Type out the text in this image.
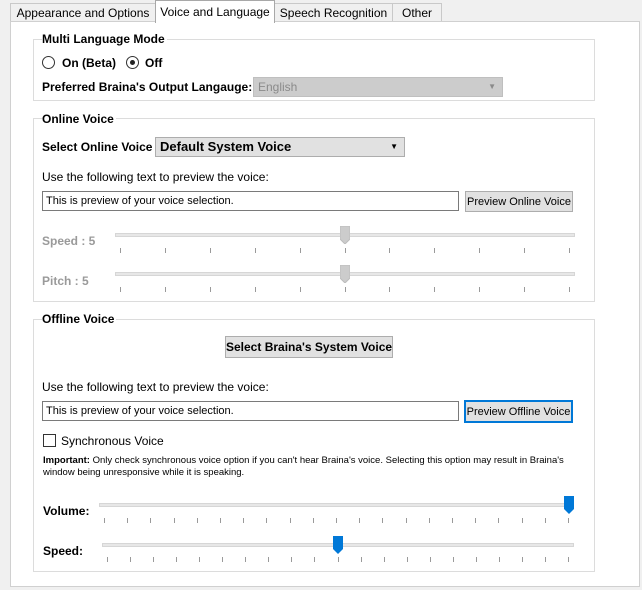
Appearance and Options Voice and Language Speech Recognition	Other
Multi Language Mode
On (Beta) Off
Preferred Braina's Output Langauge: English	▼
Online Voice
Select Online Voice Default System Voice	▼
Use the following text to preview the voice:
This is preview of your voice selection.	Preview Online Voice
Speed : 5
Pitch : 5
Offline Voice
Select Braina's System Voice
Use the following text to preview the voice:
This is preview of your voice selection.	Preview Offline Voice
Synchronous Voice
Important: Only check synchronous voice option if you can't hear Braina's voice. Selecting this option may result in Braina's window being unresponsive while it is speaking.
Volume:
Speed:
